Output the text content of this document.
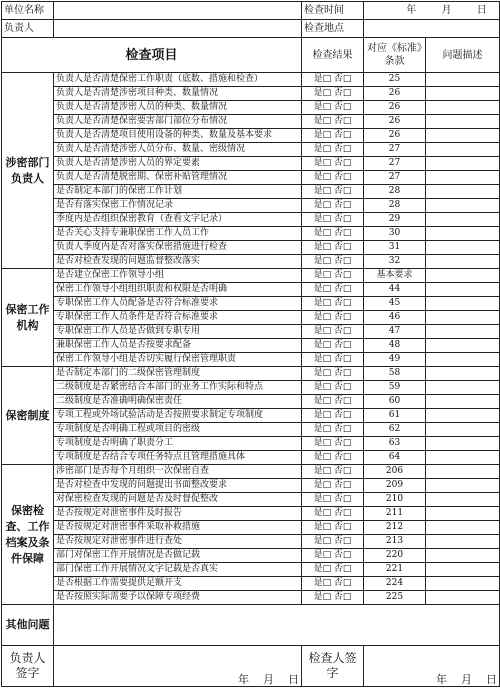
单位名称		检查时间	年 月 日	
负责人		检查地点		
检查项目		检查结果	对应《标准》条款	问题描述
涉密部门负责人	负责人是否清楚保密工作职责（底数、措施和检查）	是□ 否□	25	
	负责人是否清楚涉密项目种类、数量情况	是□ 否□	26	
	负责人是否清楚涉密人员的种类、数量情况	是□ 否□	26	
	负责人是否清楚保密要害部门部位分布情况	是□ 否□	26	
	负责人是否清楚项目使用设备的种类、数量及基本要求	是□ 否□	26	
	负责人是否清楚涉密人员分布、数量、密级情况	是□ 否□	27	
	负责人是否清楚涉密人员的界定要素	是□ 否□	27	
	负责人是否清楚脱密期、保密补贴管理情况	是□ 否□	27	
	是否制定本部门的保密工作计划	是□ 否□	28	
	是否有落实保密工作情况记录	是□ 否□	28	
	季度内是否组织保密教育（查看文字记录）	是□ 否□	29	
	是否关心支持专兼职保密工作人员工作	是□ 否□	30	
	负责人季度内是否对落实保密措施进行检查	是□ 否□	31	
	是否对检查发现的问题监督整改落实	是□ 否□	32	
保密工作机构	是否建立保密工作领导小组	是□ 否□	基本要求	
	保密工作领导小组组织职责和权限是否明确	是□ 否□	44	
	专职保密工作人员配备是否符合标准要求	是□ 否□	45	
	专职保密工作人员条件是否符合标准要求	是□ 否□	46	
	专职保密工作人员是否做到专职专用	是□ 否□	47	
	兼职保密工作人员是否按要求配备	是□ 否□	48	
	保密工作领导小组是否切实履行保密管理职责	是□ 否□	49	
保密制度	是否制定本部门的二级保密管理制度	是□ 否□	58	
	二级制度是否紧密结合本部门的业务工作实际和特点	是□ 否□	59	
	二级制度是否准确明确保密责任	是□ 否□	60	
	专项工程或外场试验活动是否按照要求制定专项制度	是□ 否□	61	
	专项制度是否明确工程或项目的密级	是□ 否□	62	
	专项制度是否明确了职责分工	是□ 否□	63	
	专项制度是否结合专项任务特点且管理措施具体	是□ 否□	64	
保密检查、工作档案及条件保障	涉密部门是否每个月组织一次保密自查	是□ 否□	206	
	是否对检查中发现的问题提出书面整改要求	是□ 否□	209	
	对保密检查发现的问题是否及时督促整改	是□ 否□	210	
	是否按规定对泄密事件及时报告	是□ 否□	211	
	是否按规定对泄密事件采取补救措施	是□ 否□	212	
	是否按规定对泄密事件进行查处	是□ 否□	213	
	部门对保密工作开展情况是否做记载	是□ 否□	220	
	部门保密工作开展情况文字记载是否真实	是□ 否□	221	
	是否根据工作需要提供足额开支	是□ 否□	224	
	是否按照实际需要予以保障专项经费	是□ 否□	225	
其他问题				
负责人签字	年 月 日	检查人签字	年 月 日	
